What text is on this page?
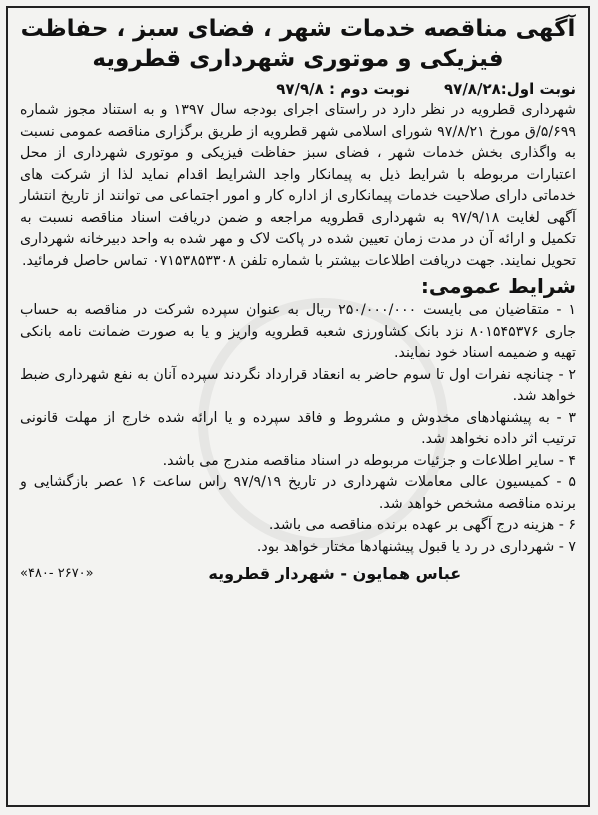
آگهی مناقصه خدمات شهر ، فضای سبز ، حفاظت
فیزیکی و موتوری شهرداری قطرویه
نوبت اول:۹۷/۸/۲۸
نوبت دوم : ۹۷/۹/۸

شهرداری قطرویه در نظر دارد در راستای اجرای بودجه سال ۱۳۹۷ و به استناد مجوز شماره ۵/۶۹۹/ق مورخ ۹۷/۸/۲۱ شورای اسلامی شهر قطرویه از طریق برگزاری مناقصه عمومی نسبت به واگذاری بخش خدمات شهر ، فضای سبز حفاظت فیزیکی و موتوری شهرداری از محل اعتبارات مربوطه با شرایط ذیل به پیمانکار واجد الشرایط اقدام نماید لذا از شرکت های خدماتی دارای صلاحیت خدمات پیمانکاری از اداره کار و امور اجتماعی می توانند از تاریخ انتشار آگهی لغایت ۹۷/۹/۱۸ به شهرداری قطرویه مراجعه و ضمن دریافت اسناد مناقصه نسبت به تکمیل و ارائه آن در مدت زمان تعیین شده در پاکت لاک و مهر شده به واحد دبیرخانه شهرداری تحویل نمایند. جهت دریافت اطلاعات بیشتر با شماره تلفن ۰۷۱۵۳۸۵۳۳۰۸ تماس حاصل فرمائید.

شرایط عمومی:
۱ - متقاضیان می بایست ۲۵۰/۰۰۰/۰۰۰ ریال به عنوان سپرده شرکت در مناقصه به حساب جاری ۸۰۱۵۴۵۳۷۶ نزد بانک کشاورزی شعبه قطرویه واریز و یا به صورت ضمانت نامه بانکی تهیه و ضمیمه اسناد خود نمایند.
۲ - چنانچه نفرات اول تا سوم حاضر به انعقاد قرارداد نگردند سپرده آنان به نفع شهرداری ضبط خواهد شد.
۳ - به پیشنهادهای مخدوش و مشروط و فاقد سپرده و یا ارائه شده خارج از مهلت قانونی ترتیب اثر داده نخواهد شد.
۴ - سایر اطلاعات و جزئیات مربوطه در اسناد مناقصه مندرج می باشد.
۵ - کمیسیون عالی معاملات شهرداری در تاریخ ۹۷/۹/۱۹ راس ساعت ۱۶ عصر بازگشایی و برنده مناقصه مشخص خواهد شد.
۶ - هزینه درج آگهی بر عهده برنده مناقصه می باشد.
۷ - شهرداری در رد یا قبول پیشنهادها مختار خواهد بود.
عباس همایون - شهردار قطرویه
«۴۸۰- ۲۶۷۰»
